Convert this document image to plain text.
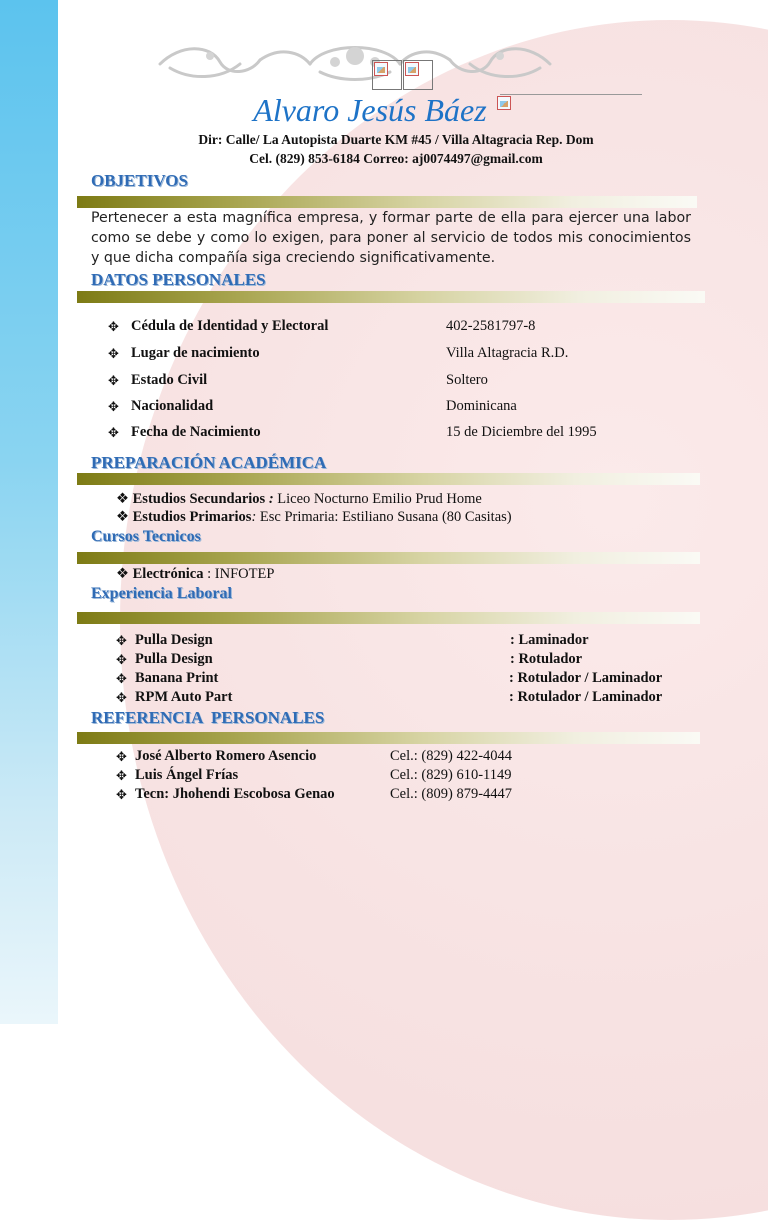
Alvaro Jesús Báez
Dir: Calle/ La Autopista Duarte KM #45 / Villa Altagracia Rep. Dom
Cel. (829) 853-6184 Correo: aj0074497@gmail.com
OBJETIVOS

Pertenecer a esta magnífica empresa, y formar parte de ella para ejercer una labor como se debe y como lo exigen, para poner al servicio de todos mis conocimientos y que dicha compañía siga creciendo significativamente.

DATOS PERSONALES
✥ Cédula de Identidad y Electoral	402-2581797-8
✥ Lugar de nacimiento	Villa Altagracia R.D.
✥ Estado Civil	Soltero
✥ Nacionalidad	Dominicana
✥ Fecha de Nacimiento	15 de Diciembre del 1995
PREPARACIÓN ACADÉMICA
❖ Estudios Secundarios : Liceo Nocturno Emilio Prud Home
❖ Estudios Primarios: Esc Primaria: Estiliano Susana (80 Casitas)
Cursos Tecnicos
❖ Electrónica : INFOTEP
Experiencia Laboral
✥ Pulla Design	: Laminador
✥ Pulla Design	: Rotulador
✥ Banana Print	: Rotulador / Laminador
✥ RPM Auto Part	: Rotulador / Laminador
REFERENCIA  PERSONALES
✥ José Alberto Romero Asencio	Cel.: (829) 422-4044
✥ Luis Ángel Frías	Cel.: (829) 610-1149
✥ Tecn: Jhohendi Escobosa Genao	Cel.: (809) 879-4447
